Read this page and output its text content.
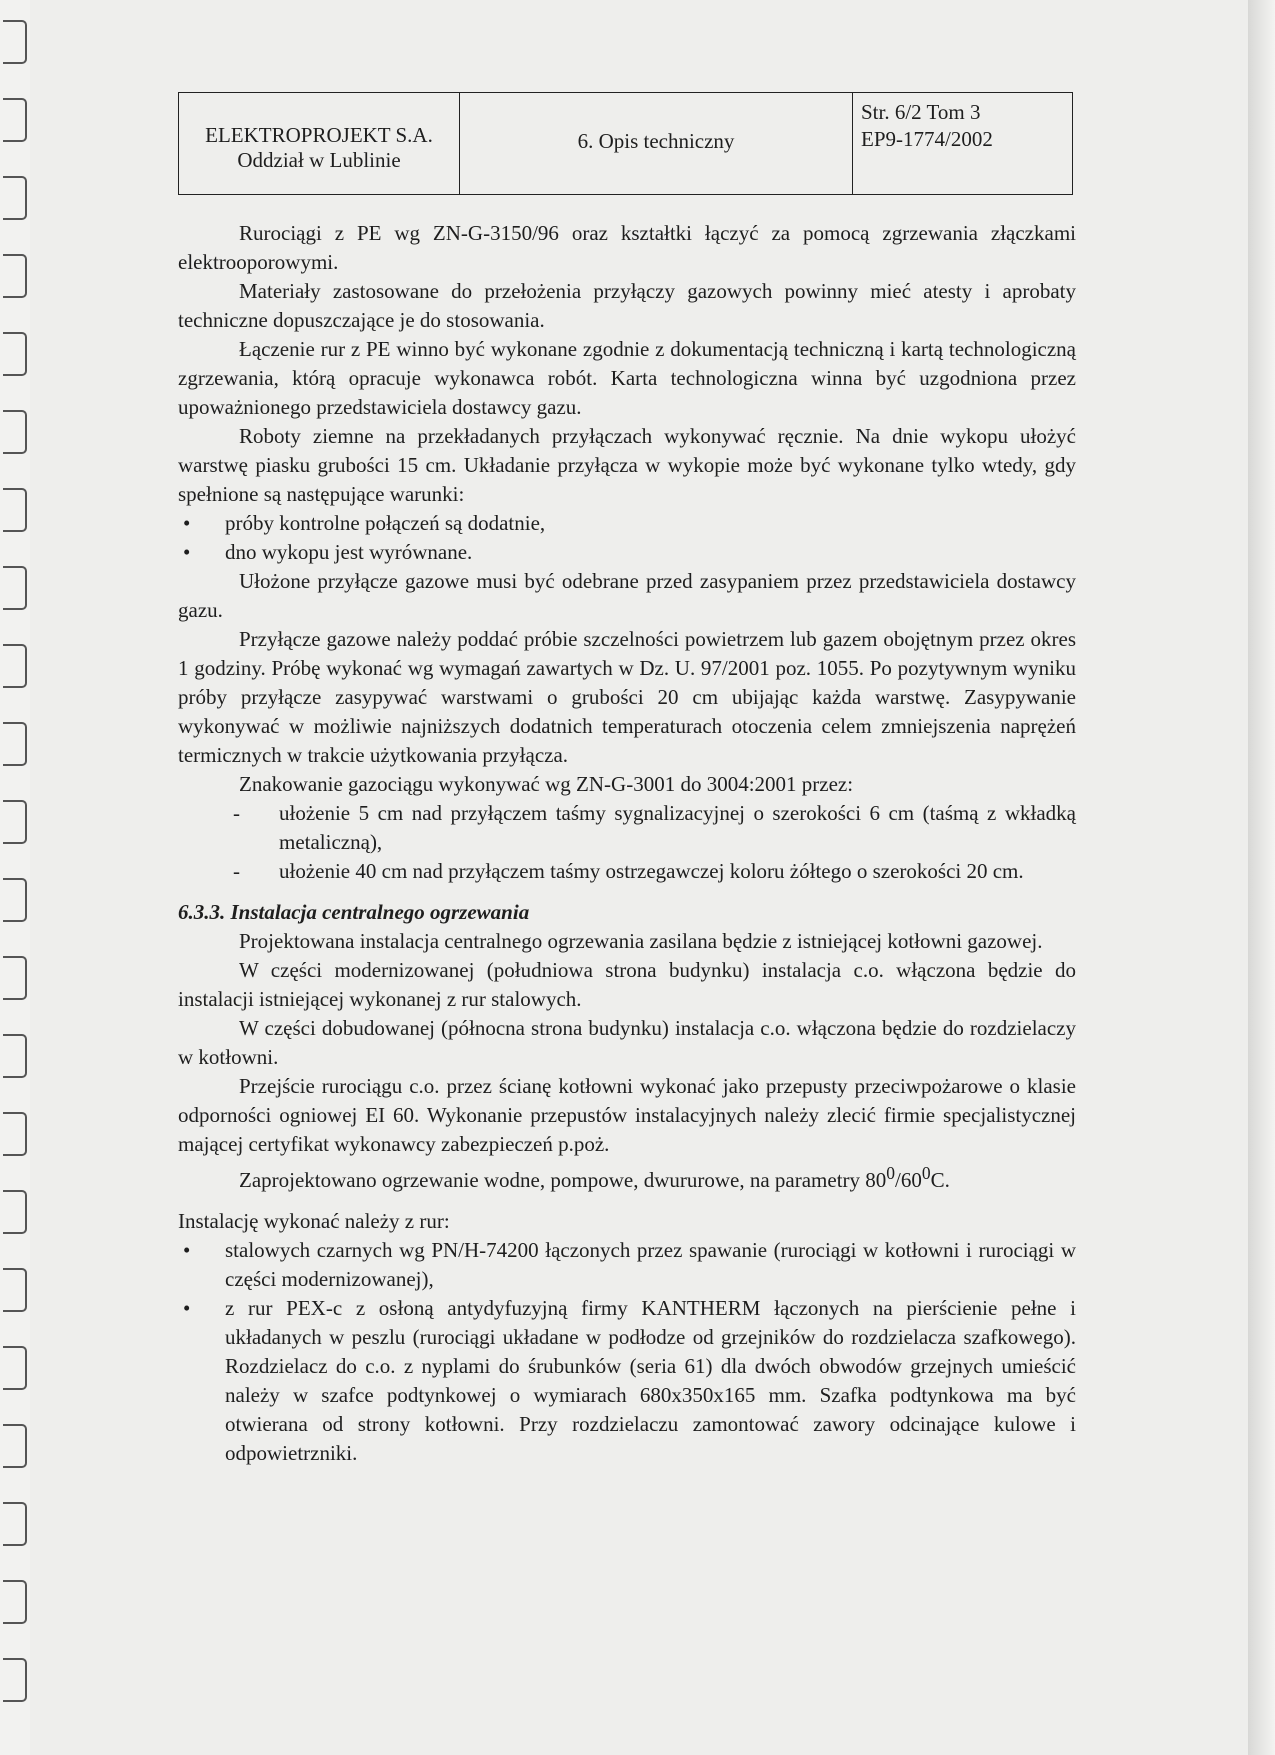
ELEKTROPROJEKT S.A.
Oddział w Lublinie
6. Opis techniczny
Str. 6/2 Tom 3
EP9-1774/2002

Rurociągi z PE wg ZN-G-3150/96 oraz kształtki łączyć za pomocą zgrzewania złączkami elektrooporowymi.

Materiały zastosowane do przełożenia przyłączy gazowych powinny mieć atesty i aprobaty techniczne dopuszczające je do stosowania.

Łączenie rur z PE winno być wykonane zgodnie z dokumentacją techniczną i kartą technologiczną zgrzewania, którą opracuje wykonawca robót. Karta technologiczna winna być uzgodniona przez upoważnionego przedstawiciela dostawcy gazu.

Roboty ziemne na przekładanych przyłączach wykonywać ręcznie. Na dnie wykopu ułożyć warstwę piasku grubości 15 cm. Układanie przyłącza w wykopie może być wykonane tylko wtedy, gdy spełnione są następujące warunki:

• próby kontrolne połączeń są dodatnie,
• dno wykopu jest wyrównane.

Ułożone przyłącze gazowe musi być odebrane przed zasypaniem przez przedstawiciela dostawcy gazu.

Przyłącze gazowe należy poddać próbie szczelności powietrzem lub gazem obojętnym przez okres 1 godziny. Próbę wykonać wg wymagań zawartych w Dz. U. 97/2001 poz. 1055. Po pozytywnym wyniku próby przyłącze zasypywać warstwami o grubości 20 cm ubijając każda warstwę. Zasypywanie wykonywać w możliwie najniższych dodatnich temperaturach otoczenia celem zmniejszenia naprężeń termicznych w trakcie użytkowania przyłącza.

Znakowanie gazociągu wykonywać wg ZN-G-3001 do 3004:2001 przez:

- ułożenie 5 cm nad przyłączem taśmy sygnalizacyjnej o szerokości 6 cm (taśmą z wkładką metaliczną),
- ułożenie 40 cm nad przyłączem taśmy ostrzegawczej koloru żółtego o szerokości 20 cm.

6.3.3. Instalacja centralnego ogrzewania

Projektowana instalacja centralnego ogrzewania zasilana będzie z istniejącej kotłowni gazowej.

W części modernizowanej (południowa strona budynku) instalacja c.o. włączona będzie do instalacji istniejącej wykonanej z rur stalowych.

W części dobudowanej (północna strona budynku) instalacja c.o. włączona będzie do rozdzielaczy w kotłowni.

Przejście rurociągu c.o. przez ścianę kotłowni wykonać jako przepusty przeciwpożarowe o klasie odporności ogniowej EI 60. Wykonanie przepustów instalacyjnych należy zlecić firmie specjalistycznej mającej certyfikat wykonawcy zabezpieczeń p.poż.

Zaprojektowano ogrzewanie wodne, pompowe, dwururowe, na parametry $80^0/60^0C$.

Instalację wykonać należy z rur:

• stalowych czarnych wg PN/H-74200 łączonych przez spawanie (rurociągi w kotłowni i rurociągi w części modernizowanej),
• z rur PEX-c z osłoną antydyfuzyjną firmy KANTHERM łączonych na pierścienie pełne i układanych w peszlu (rurociągi układane w podłodze od grzejników do rozdzielacza szafkowego). Rozdzielacz do c.o. z nyplami do śrubunków (seria 61) dla dwóch obwodów grzejnych umieścić należy w szafce podtynkowej o wymiarach 680x350x165 mm. Szafka podtynkowa ma być otwierana od strony kotłowni. Przy rozdzielaczu zamontować zawory odcinające kulowe i odpowietrzniki.
